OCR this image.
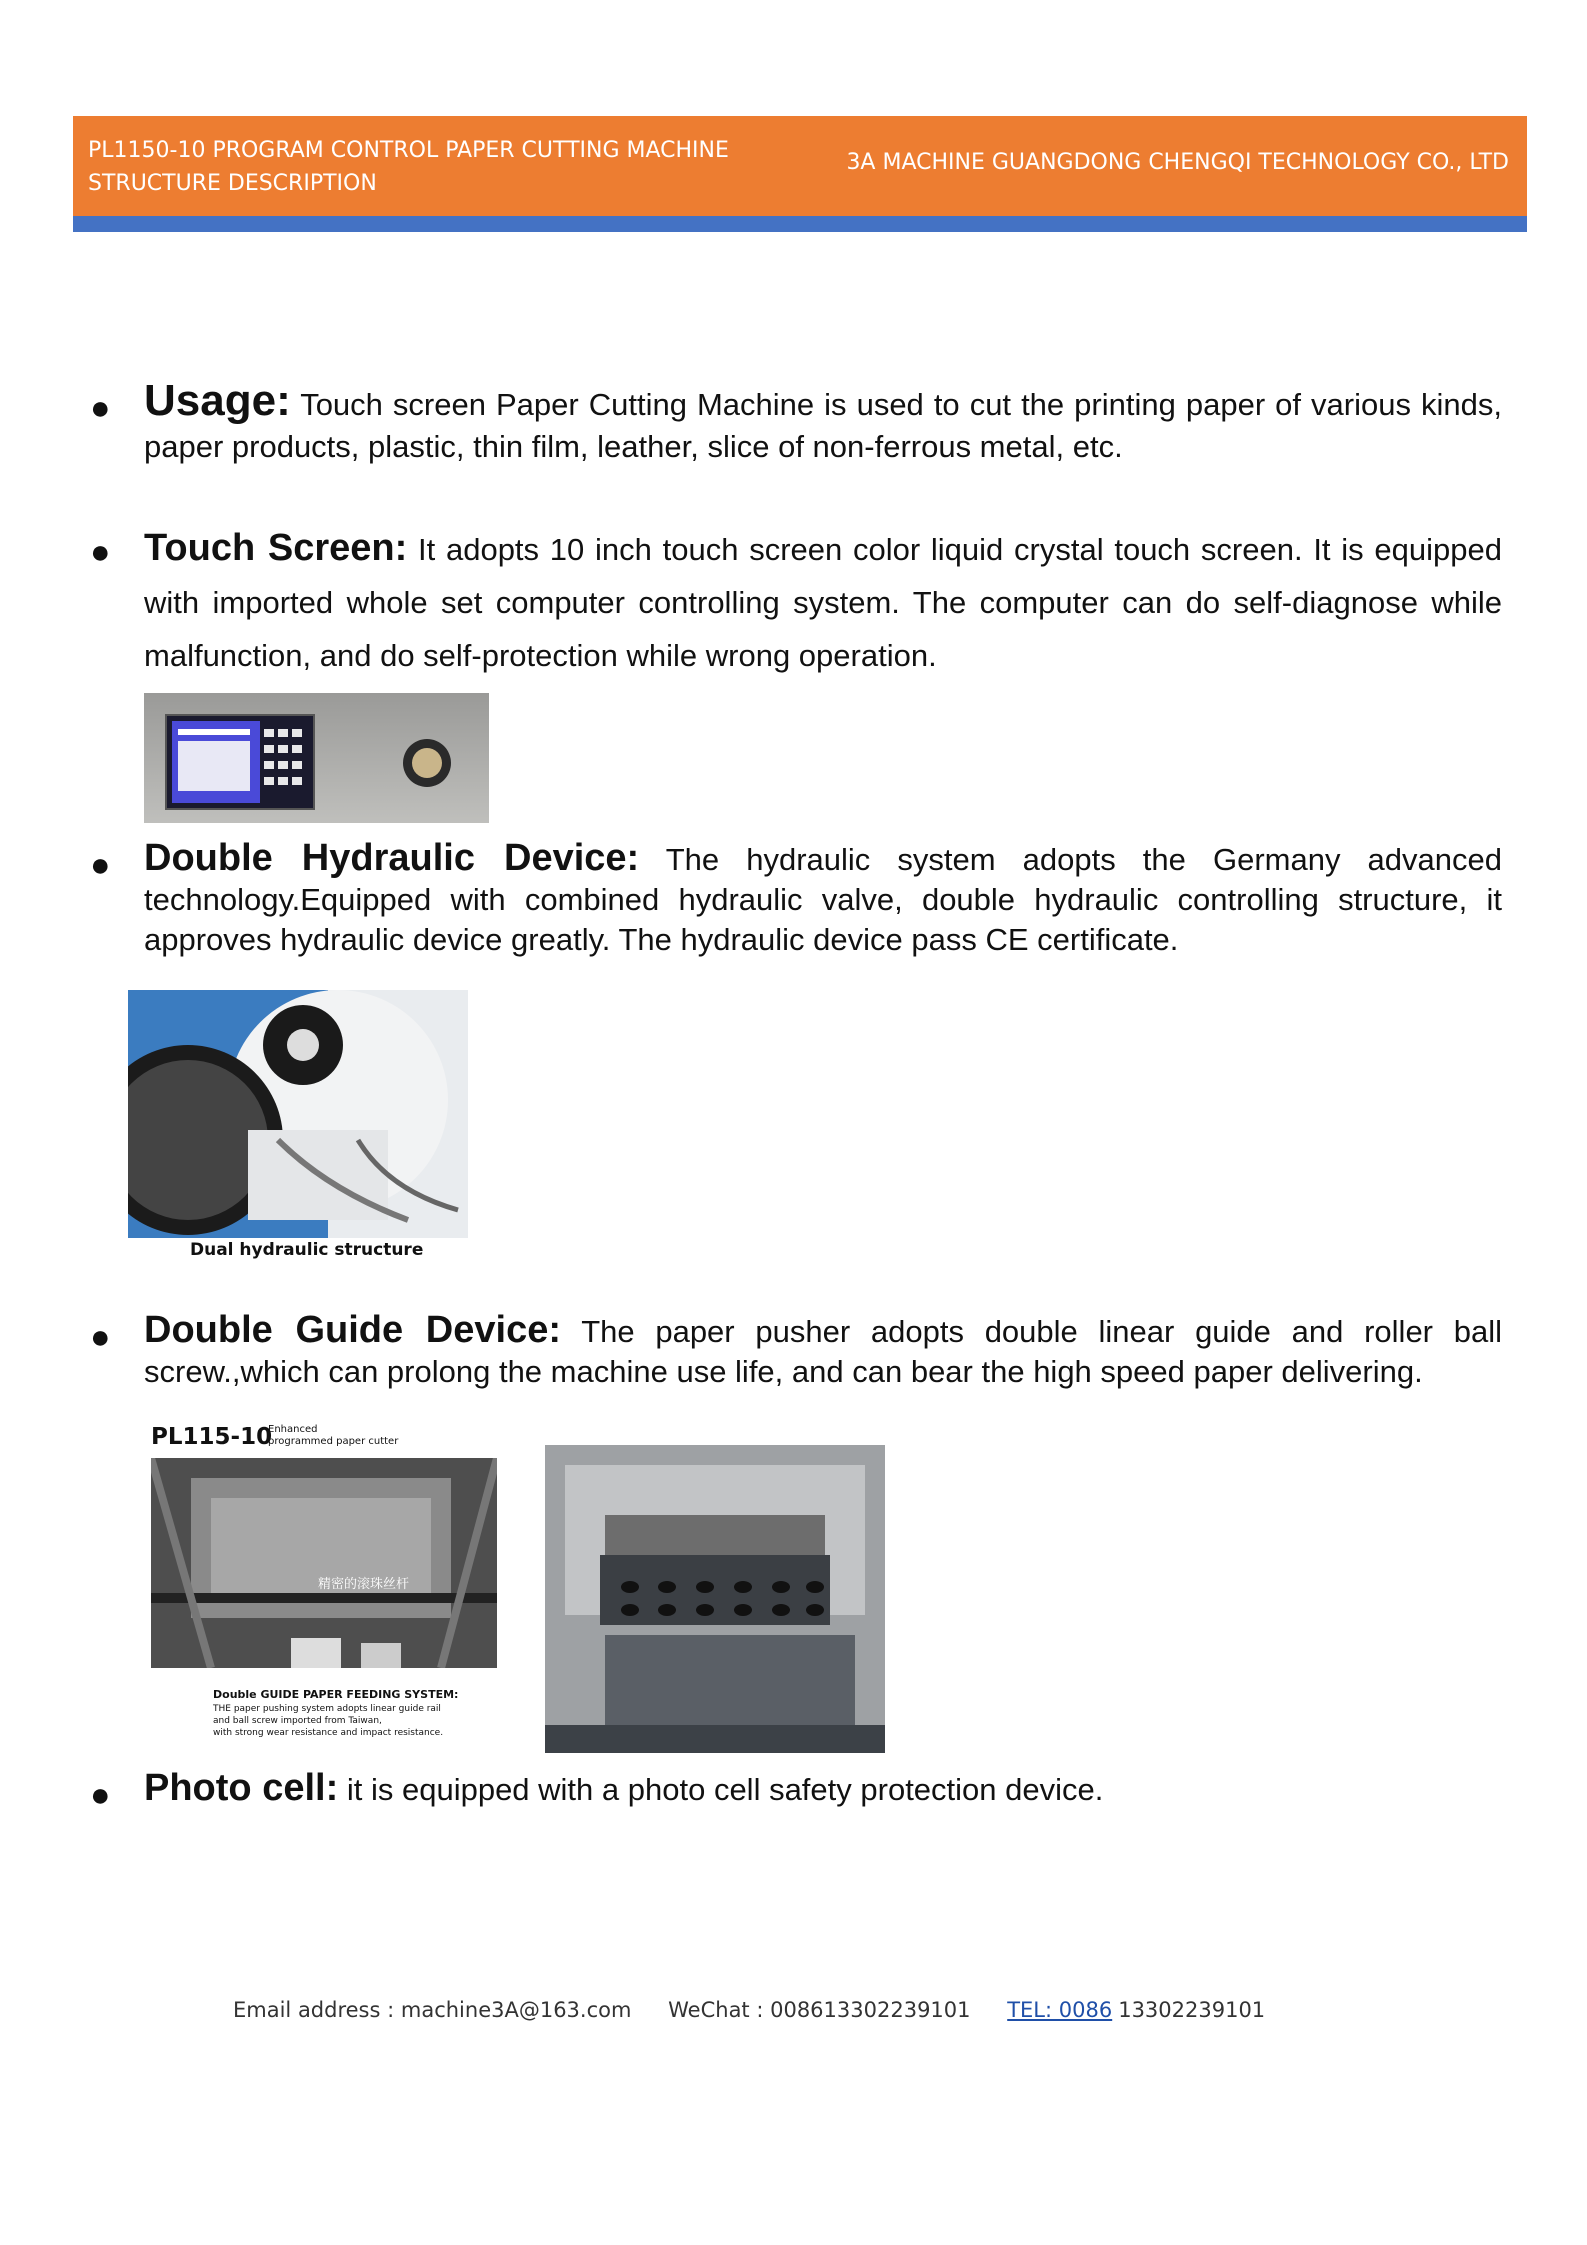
PL1150-10 PROGRAM CONTROL PAPER CUTTING MACHINE
STRUCTURE DESCRIPTION
3A MACHINE GUANGDONG CHENGQI TECHNOLOGY CO., LTD
● Usage: Touch screen Paper Cutting Machine is used to cut the printing paper of various kinds, paper products, plastic, thin film, leather, slice of non-ferrous metal, etc.
● Touch Screen: It adopts 10 inch touch screen color liquid crystal touch screen. It is equipped with imported whole set computer controlling system. The computer can do self-diagnose while malfunction, and do self-protection while wrong operation.
● Double Hydraulic Device: The hydraulic system adopts the Germany advanced technology.Equipped with combined hydraulic valve, double hydraulic controlling structure, it approves hydraulic device greatly. The hydraulic device pass CE certificate.
Dual hydraulic structure
● Double Guide Device: The paper pusher adopts double linear guide and roller ball screw.,which can prolong the machine use life, and can bear the high speed paper delivering.
PL115-10
Enhanced
programmed paper cutter
精密的滚珠丝杆
Double GUIDE PAPER FEEDING SYSTEM:
THE paper pushing system adopts linear guide rail
and ball screw imported from Taiwan,
with strong wear resistance and impact resistance.
● Photo cell: it is equipped with a photo cell safety protection device.
Email address : machine3A@163.com WeChat : 008613302239101 TEL: 0086 13302239101
